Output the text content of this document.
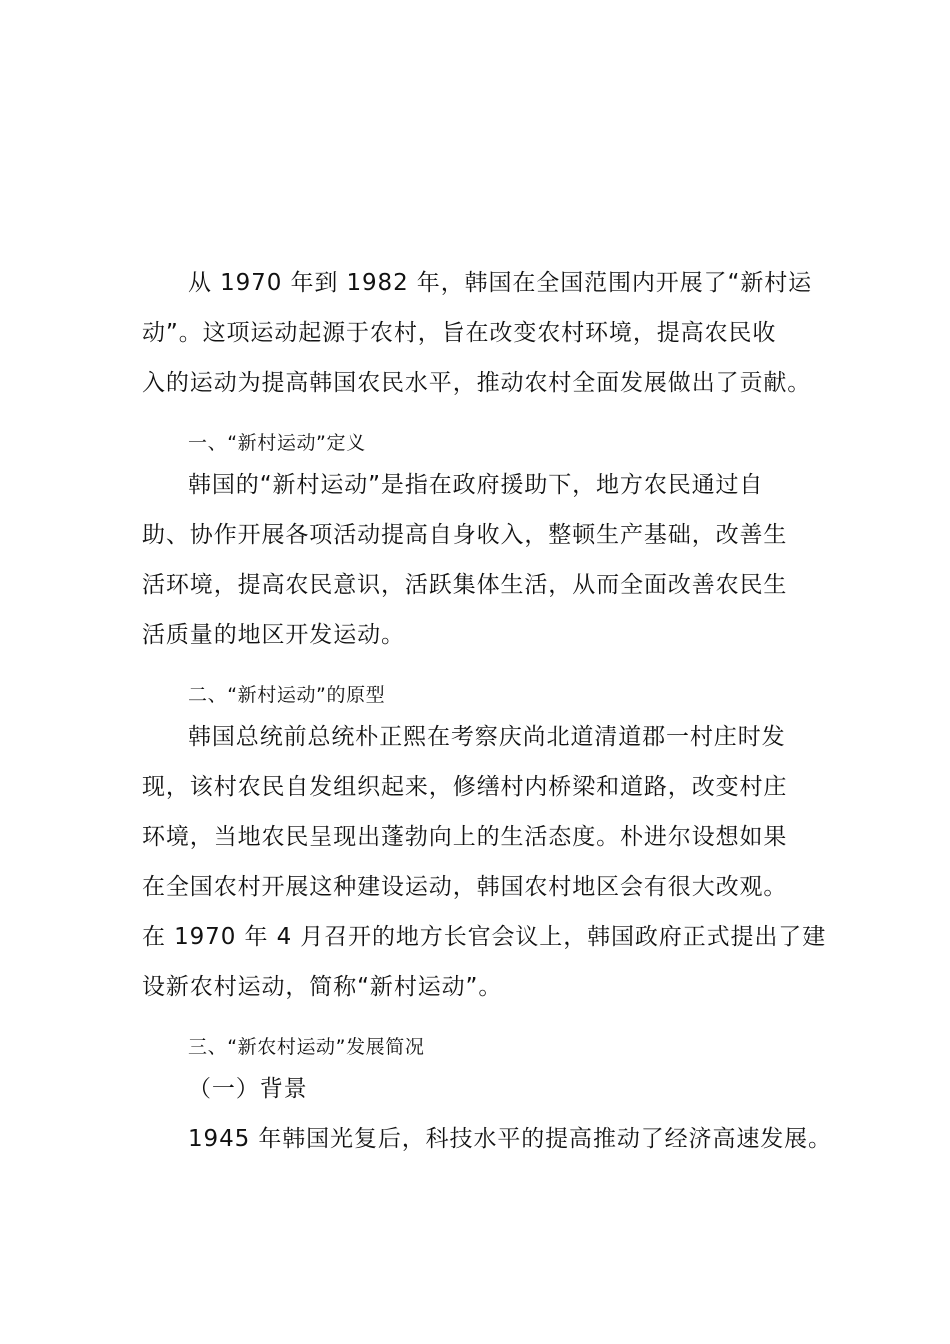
从 1970 年到 1982 年，韩国在全国范围内开展了“新村运
动”。这项运动起源于农村，旨在改变农村环境，提高农民收
入的运动为提高韩国农民水平，推动农村全面发展做出了贡献。
一、“新村运动”定义
韩国的“新村运动”是指在政府援助下，地方农民通过自
助、协作开展各项活动提高自身收入，整顿生产基础，改善生
活环境，提高农民意识，活跃集体生活，从而全面改善农民生
活质量的地区开发运动。
二、“新村运动”的原型
韩国总统前总统朴正熙在考察庆尚北道清道郡一村庄时发
现，该村农民自发组织起来，修缮村内桥梁和道路，改变村庄
环境，当地农民呈现出蓬勃向上的生活态度。朴进尔设想如果
在全国农村开展这种建设运动，韩国农村地区会有很大改观。
在 1970 年 4 月召开的地方长官会议上，韩国政府正式提出了建
设新农村运动，简称“新村运动”。
三、“新农村运动”发展简况
（一）背景
1945 年韩国光复后，科技水平的提高推动了经济高速发展。
